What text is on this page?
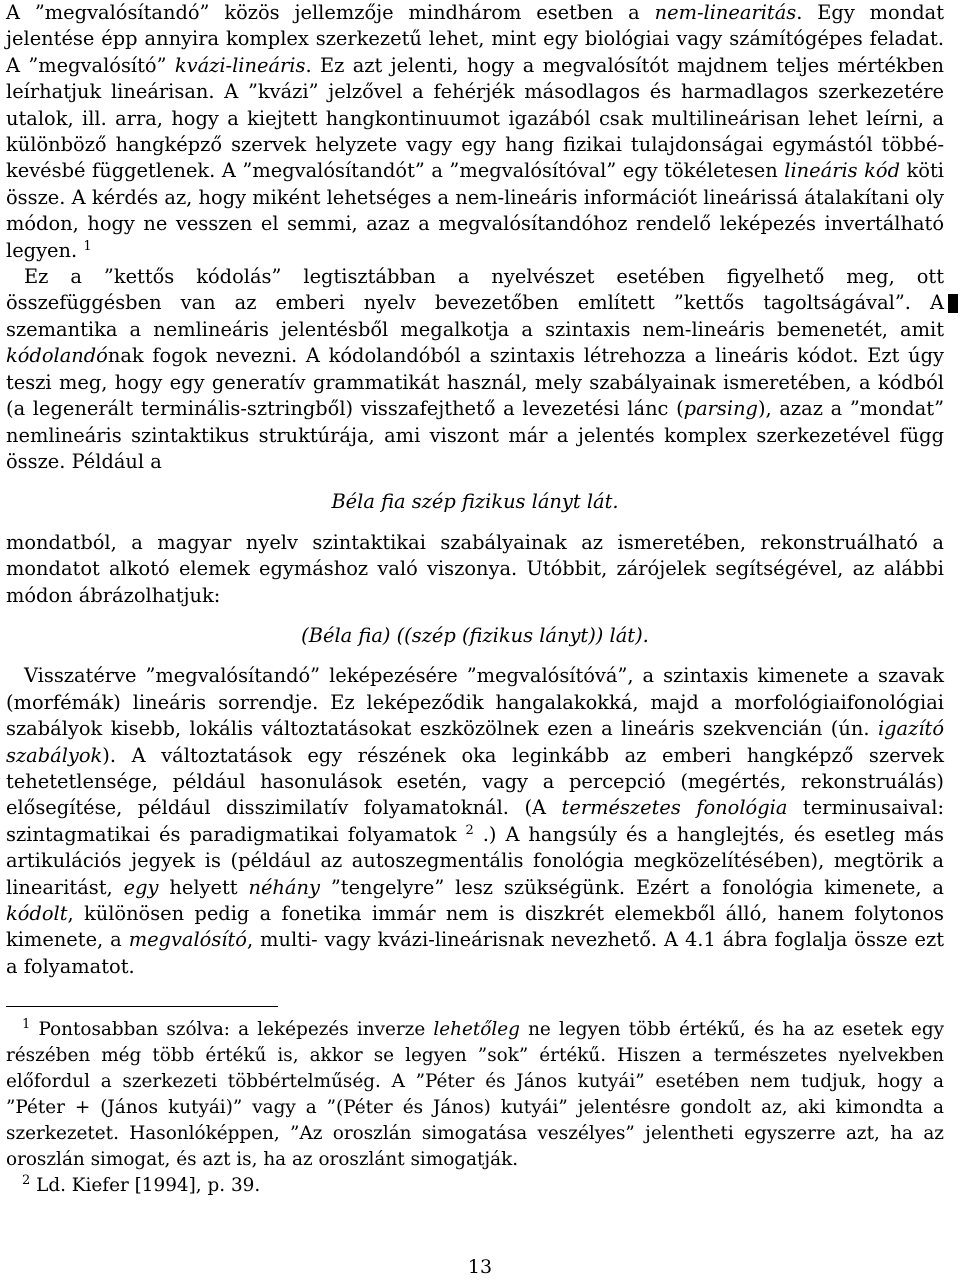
A ”megvalósítandó” közös jellemzője mindhárom esetben a nem-linearitás. Egy mondat jelentése épp annyira komplex szerkezetű lehet, mint egy biológiai vagy számítógépes feladat. A ”megvalósító” kvázi-lineáris. Ez azt jelenti, hogy a megvalósítót majdnem teljes mértékben leírhatjuk lineárisan. A ”kvázi” jelzővel a fehérjék másodlagos és harmadlagos szerkezetére utalok, ill. arra, hogy a kiejtett hangkontinuumot igazából csak multilineárisan lehet leírni, a különböző hangképző szervek helyzete vagy egy hang fizikai tulajdonságai egymástól többé-kevésbé függetlenek. A ”megvalósítandót” a ”megvalósítóval” egy tökéletesen lineáris kód köti össze. A kérdés az, hogy miként lehetséges a nem-lineáris információt lineárissá átalakítani oly módon, hogy ne vesszen el semmi, azaz a megvalósítandóhoz rendelő leképezés invertálható legyen. $^1$

Ez a ”kettős kódolás” legtisztábban a nyelvészet esetében figyelhető meg, ott összefüggésben van az emberi nyelv bevezetőben említett ”kettős tagoltságával”. A szemantika a nemlineáris jelentésből megalkotja a szintaxis nem-lineáris bemenetét, amit kódolandónak fogok nevezni. A kódolandóból a szintaxis létrehozza a lineáris kódot. Ezt úgy teszi meg, hogy egy generatív grammatikát használ, mely szabályainak ismeretében, a kódból (a legenerált terminális-sztringből) visszafejthető a levezetési lánc (parsing), azaz a ”mondat” nemlineáris szintaktikus struktúrája, ami viszont már a jelentés komplex szerkezetével függ össze. Például a

Béla fia szép fizikus lányt lát.

mondatból, a magyar nyelv szintaktikai szabályainak az ismeretében, rekonstruálható a mondatot alkotó elemek egymáshoz való viszonya. Utóbbit, zárójelek segítségével, az alábbi módon ábrázolhatjuk:

(Béla fia) ((szép (fizikus lányt)) lát).

Visszatérve ”megvalósítandó” leképezésére ”megvalósítóvá”, a szintaxis kimenete a szavak (morfémák) lineáris sorrendje. Ez leképeződik hangalakokká, majd a morfológiaifonológiai szabályok kisebb, lokális változtatásokat eszközölnek ezen a lineáris szekvencián (ún. igazító szabályok). A változtatások egy részének oka leginkább az emberi hangképző szervek tehetetlensége, például hasonulások esetén, vagy a percepció (megértés, rekonstruálás) elősegítése, például disszimilatív folyamatoknál. (A természetes fonológia terminusaival: szintagmatikai és paradigmatikai folyamatok $^2$ .) A hangsúly és a hanglejtés, és esetleg más artikulációs jegyek is (például az autoszegmentális fonológia megközelítésében), megtörik a linearitást, egy helyett néhány ”tengelyre” lesz szükségünk. Ezért a fonológia kimenete, a kódolt, különösen pedig a fonetika immár nem is diszkrét elemekből álló, hanem folytonos kimenete, a megvalósító, multi- vagy kvázi-lineárisnak nevezhető. A 4.1 ábra foglalja össze ezt a folyamatot.

$^1$ Pontosabban szólva: a leképezés inverze lehetőleg ne legyen több értékű, és ha az esetek egy részében még több értékű is, akkor se legyen ”sok” értékű. Hiszen a természetes nyelvekben előfordul a szerkezeti többértelműség. A ”Péter és János kutyái” esetében nem tudjuk, hogy a ”Péter + (János kutyái)” vagy a ”(Péter és János) kutyái” jelentésre gondolt az, aki kimondta a szerkezetet. Hasonlóképpen, ”Az oroszlán simogatása veszélyes” jelentheti egyszerre azt, ha az oroszlán simogat, és azt is, ha az oroszlánt simogatják.

$^2$ Ld. Kiefer [1994], p. 39.

13
